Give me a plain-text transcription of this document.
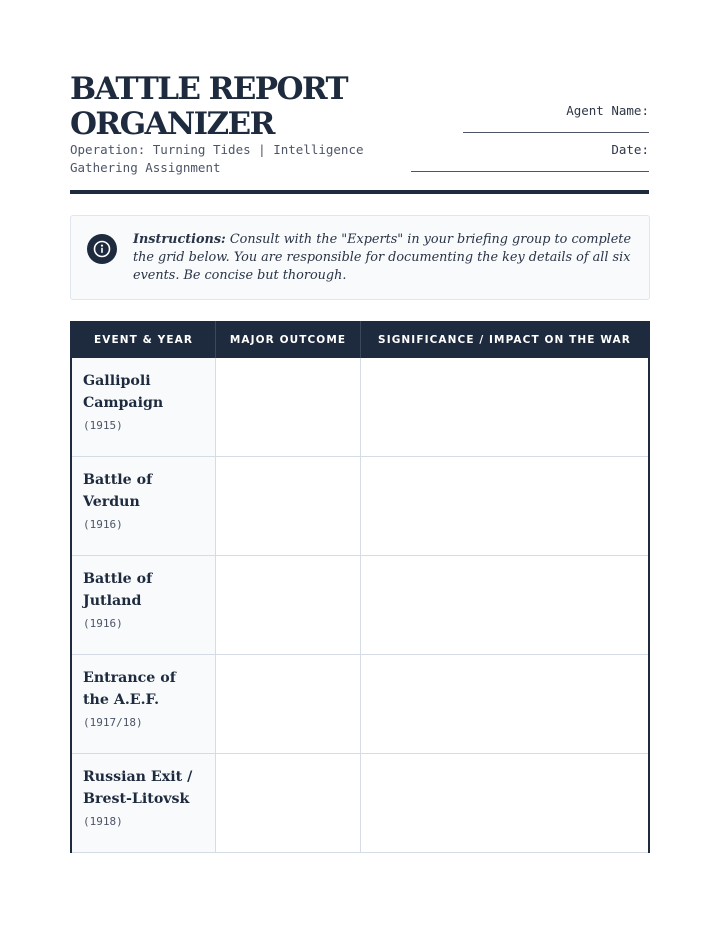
BATTLE REPORT ORGANIZER
Operation: Turning Tides | Intelligence Gathering Assignment
Agent Name:
Date:
Instructions: Consult with the "Experts" in your briefing group to complete the grid below. You are responsible for documenting the key details of all six events. Be concise but thorough.
EVENT & YEAR	MAJOR OUTCOME	SIGNIFICANCE / IMPACT ON THE WAR
Gallipoli Campaign
(1915)
Battle of Verdun
(1916)
Battle of Jutland
(1916)
Entrance of the A.E.F.
(1917/18)
Russian Exit / Brest-Litovsk
(1918)
